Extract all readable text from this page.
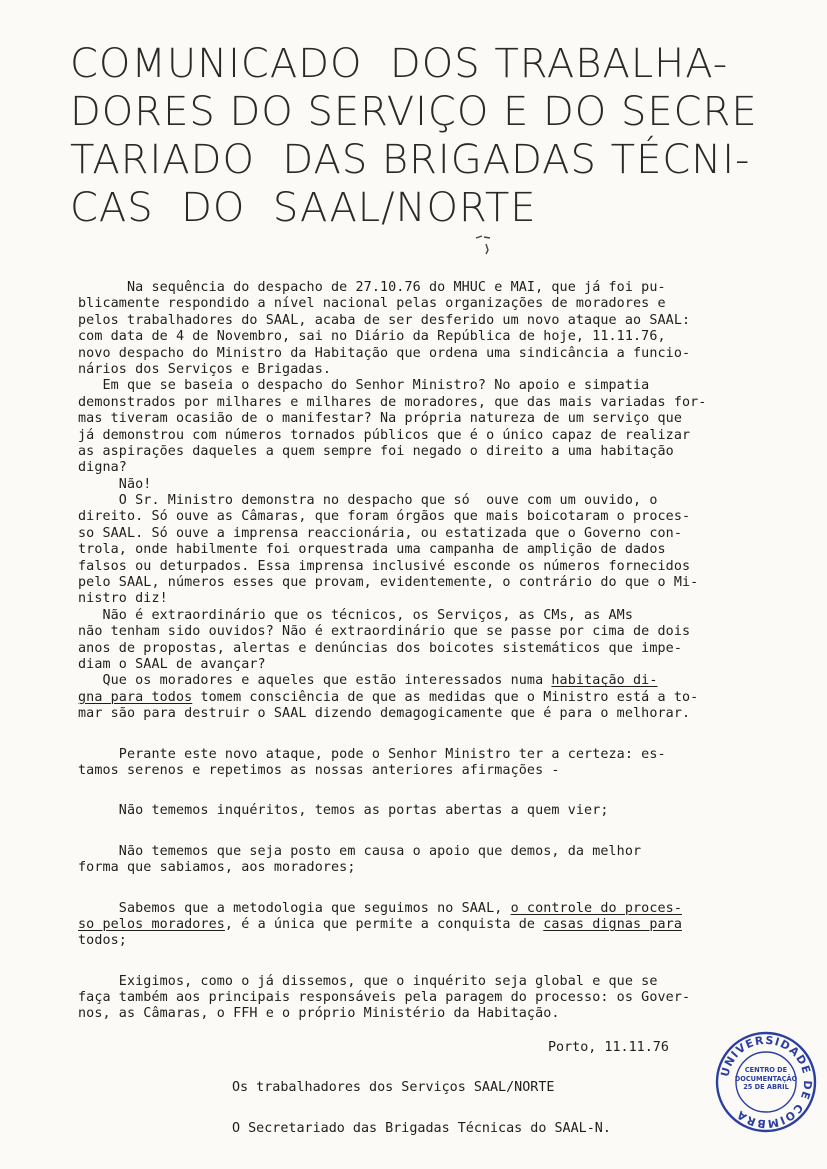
COMUNICADO  DOS TRABALHA-
DORES DO SERVIÇO E DO SECRE
TARIADO  DAS BRIGADAS TÉCNI-
CAS  DO  SAAL/NORTE
Na sequência do despacho de 27.10.76 do MHUC e MAI, que já foi pu-
blicamente respondido a nível nacional pelas organizações de moradores e
pelos trabalhadores do SAAL, acaba de ser desferido um novo ataque ao SAAL:
com data de 4 de Novembro, sai no Diário da República de hoje, 11.11.76,
novo despacho do Ministro da Habitação que ordena uma sindicância a funcio-
nários dos Serviços e Brigadas.
Em que se baseia o despacho do Senhor Ministro? No apoio e simpatia
demonstrados por milhares e milhares de moradores, que das mais variadas for-
mas tiveram ocasião de o manifestar? Na própria natureza de um serviço que
já demonstrou com números tornados públicos que é o único capaz de realizar
as aspirações daqueles a quem sempre foi negado o direito a uma habitação
digna?
Não!
O Sr. Ministro demonstra no despacho que só  ouve com um ouvido, o
direito. Só ouve as Câmaras, que foram órgãos que mais boicotaram o proces-
so SAAL. Só ouve a imprensa reaccionária, ou estatizada que o Governo con-
trola, onde habilmente foi orquestrada uma campanha de amplição de dados
falsos ou deturpados. Essa imprensa inclusivé esconde os números fornecidos
pelo SAAL, números esses que provam, evidentemente, o contrário do que o Mi-
nistro diz!
Não é extraordinário que os técnicos, os Serviços, as CMs, as AMs
não tenham sido ouvidos? Não é extraordinário que se passe por cima de dois
anos de propostas, alertas e denúncias dos boicotes sistemáticos que impe-
diam o SAAL de avançar?
Que os moradores e aqueles que estão interessados numa habitação di-
gna para todos tomem consciência de que as medidas que o Ministro está a to-
mar são para destruir o SAAL dizendo demagogicamente que é para o melhorar.
Perante este novo ataque, pode o Senhor Ministro ter a certeza: es-
tamos serenos e repetimos as nossas anteriores afirmações -
Não tememos inquéritos, temos as portas abertas a quem vier;
Não tememos que seja posto em causa o apoio que demos, da melhor
forma que sabiamos, aos moradores;
Sabemos que a metodologia que seguimos no SAAL, o controle do proces-
so pelos moradores, é a única que permite a conquista de casas dignas para
todos;
Exigimos, como o já dissemos, que o inquérito seja global e que se
faça também aos principais responsáveis pela paragem do processo: os Gover-
nos, as Câmaras, o FFH e o próprio Ministério da Habitação.
Porto, 11.11.76
Os trabalhadores dos Serviços SAAL/NORTE
O Secretariado das Brigadas Técnicas do SAAL-N.
UNIVERSIDADE DE COIMBRA
CENTRO DE
DOCUMENTAÇÃO
25 DE ABRIL
